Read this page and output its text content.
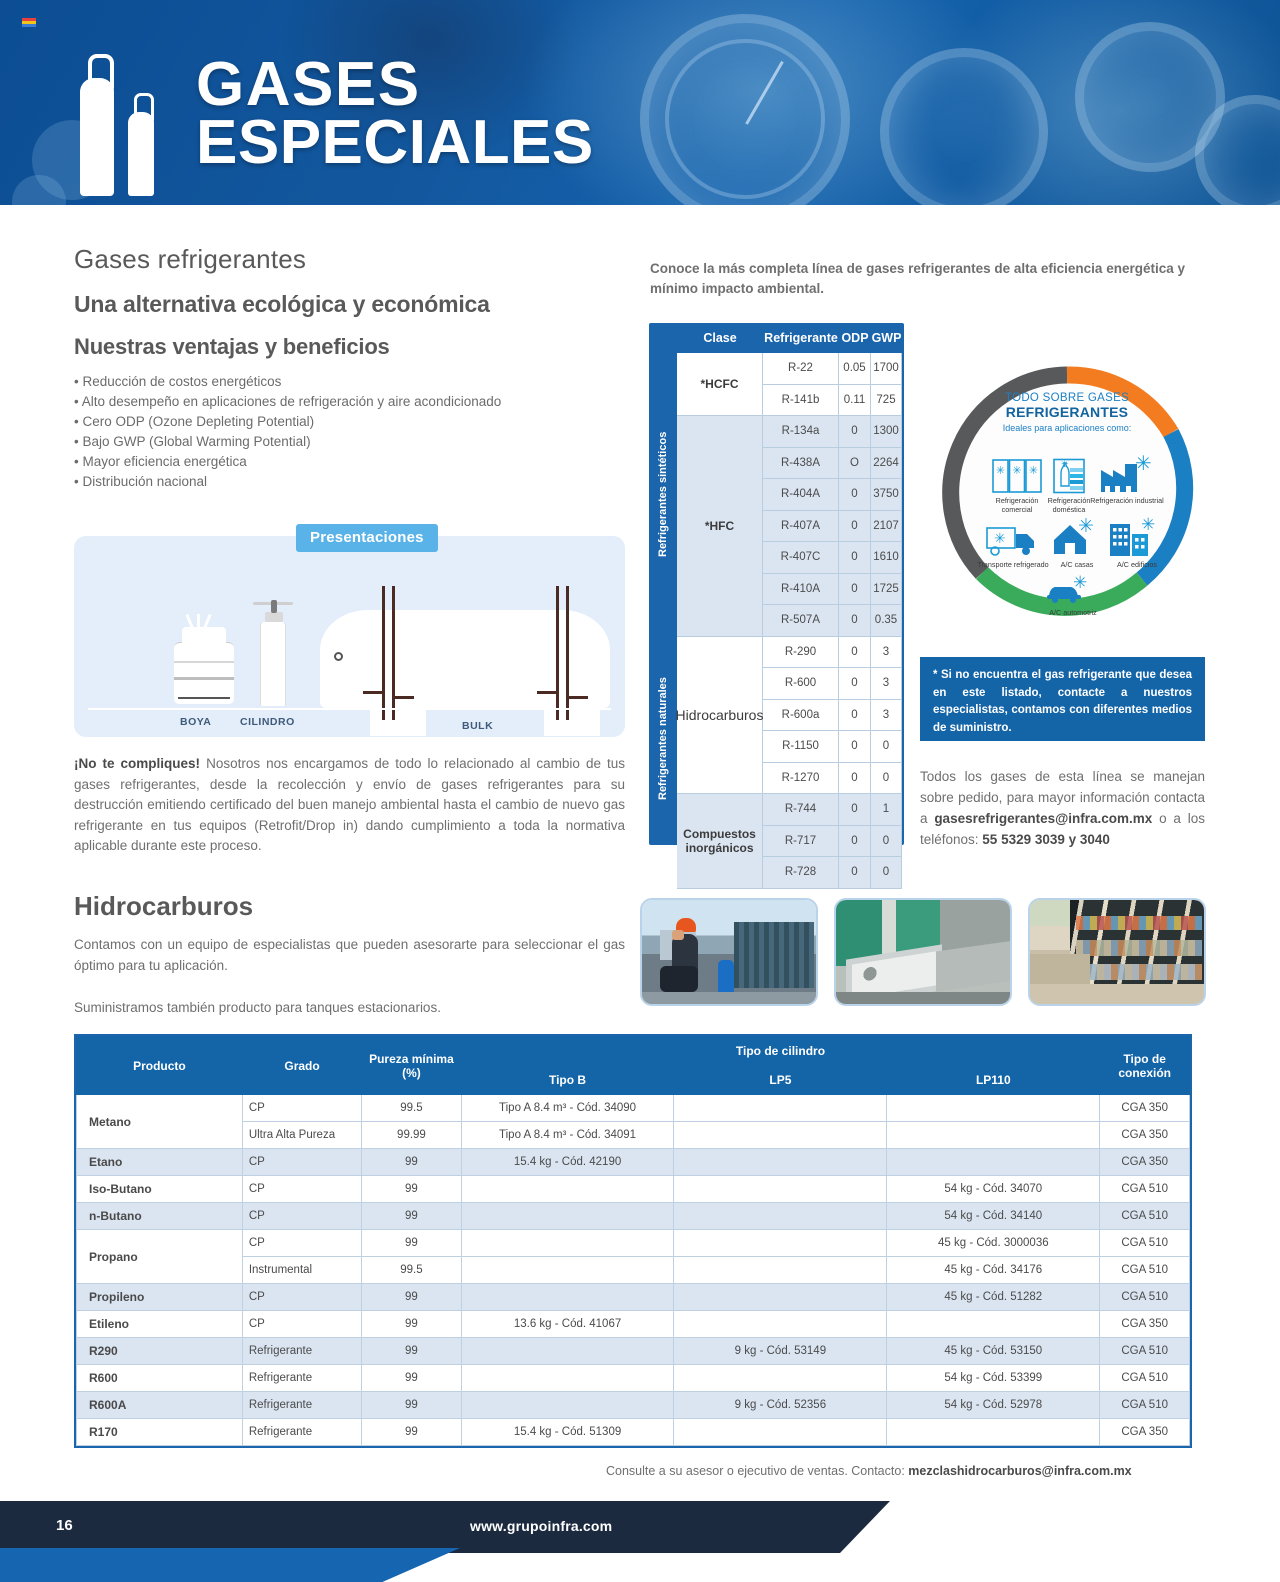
GASES
ESPECIALES
Gases refrigerantes
Una alternativa ecológica y económica
Nuestras ventajas y beneficios
• Reducción de costos energéticos
• Alto desempeño en aplicaciones de refrigeración y aire acondicionado
• Cero ODP (Ozone Depleting Potential)
• Bajo GWP (Global Warming Potential)
• Mayor eficiencia energética
• Distribución nacional
Presentaciones
BOYA	CILINDRO	BULK

¡No te compliques! Nosotros nos encargamos de todo lo relacionado al cambio de tus gases refrigerantes, desde la recolección y envío de gases refrigerantes para su destrucción emitiendo certificado del buen manejo ambiental hasta el cambio de nuevo gas refrigerante en tus equipos (Retrofit/Drop in) dando cumplimiento a toda la normativa aplicable durante este proceso.

Hidrocarburos

Contamos con un equipo de especialistas que pueden asesorarte para seleccionar el gas óptimo para tu aplicación.

Suministramos también producto para tanques estacionarios.

Conoce la más completa línea de gases refrigerantes de alta eficiencia energética y mínimo impacto ambiental.

Refrigerantes sintéticos
Refrigerantes naturales
Clase	Refrigerante ODP GWP
*HCFC
R-22	0.05 1700
R-141b	0.11 725
*HFC
R-134a	0	1300
R-438A	O	2264
R-404A	0	3750
R-407A	0	2107
R-407C	0	1610
R-410A	0	1725
R-507A	0	0.35
Hidrocarburos
R-290	0	3
R-600	0	3
R-600a	0	3
R-1150	0	0
R-1270	0	0
Compuestos inorgánicos
R-744	0	1
R-717	0	0
R-728	0	0
TODO SOBRE GASES
REFRIGERANTES
Ideales para aplicaciones como:
✳ ✳ ✳
Refrigeración comercial
✳
Refrigeración doméstica
✳
Refrigeración industrial
✳
Transporte refrigerado
✳
A/C casas
✳
A/C edificios
✳
A/C automotriz
* Si no encuentra el gas refrigerante que desea en este listado, contacte a nuestros especialistas, contamos con diferentes medios de suministro.

Todos los gases de esta línea se manejan sobre pedido, para mayor información contacta a gasesrefrigerantes@infra.com.mx o a los teléfonos: 55 5329 3039 y 3040

Producto	Grado	Pureza mínima
(%)	Tipo de cilindro			Tipo de
conexión
			Tipo B	LP5	LP110	
Metano	CP	99.5	Tipo A 8.4 m³ - Cód. 34090			CGA 350
	Ultra Alta Pureza	99.99	Tipo A 8.4 m³ - Cód. 34091			CGA 350
Etano	CP	99	15.4 kg - Cód. 42190			CGA 350
Iso-Butano	CP	99			54 kg - Cód. 34070	CGA 510
n-Butano	CP	99			54 kg - Cód. 34140	CGA 510
Propano	CP	99			45 kg - Cód. 3000036	CGA 510
	Instrumental	99.5			45 kg - Cód. 34176	CGA 510
Propileno	CP	99			45 kg - Cód. 51282	CGA 510
Etileno	CP	99	13.6 kg - Cód. 41067			CGA 350
R290	Refrigerante	99		9 kg - Cód. 53149	45 kg - Cód. 53150	CGA 510
R600	Refrigerante	99			54 kg - Cód. 53399	CGA 510
R600A	Refrigerante	99		9 kg - Cód. 52356	54 kg - Cód. 52978	CGA 510
R170	Refrigerante	99	15.4 kg - Cód. 51309			CGA 350
Consulte a su asesor o ejecutivo de ventas. Contacto: mezclashidrocarburos@infra.com.mx
16	www.grupoinfra.com
